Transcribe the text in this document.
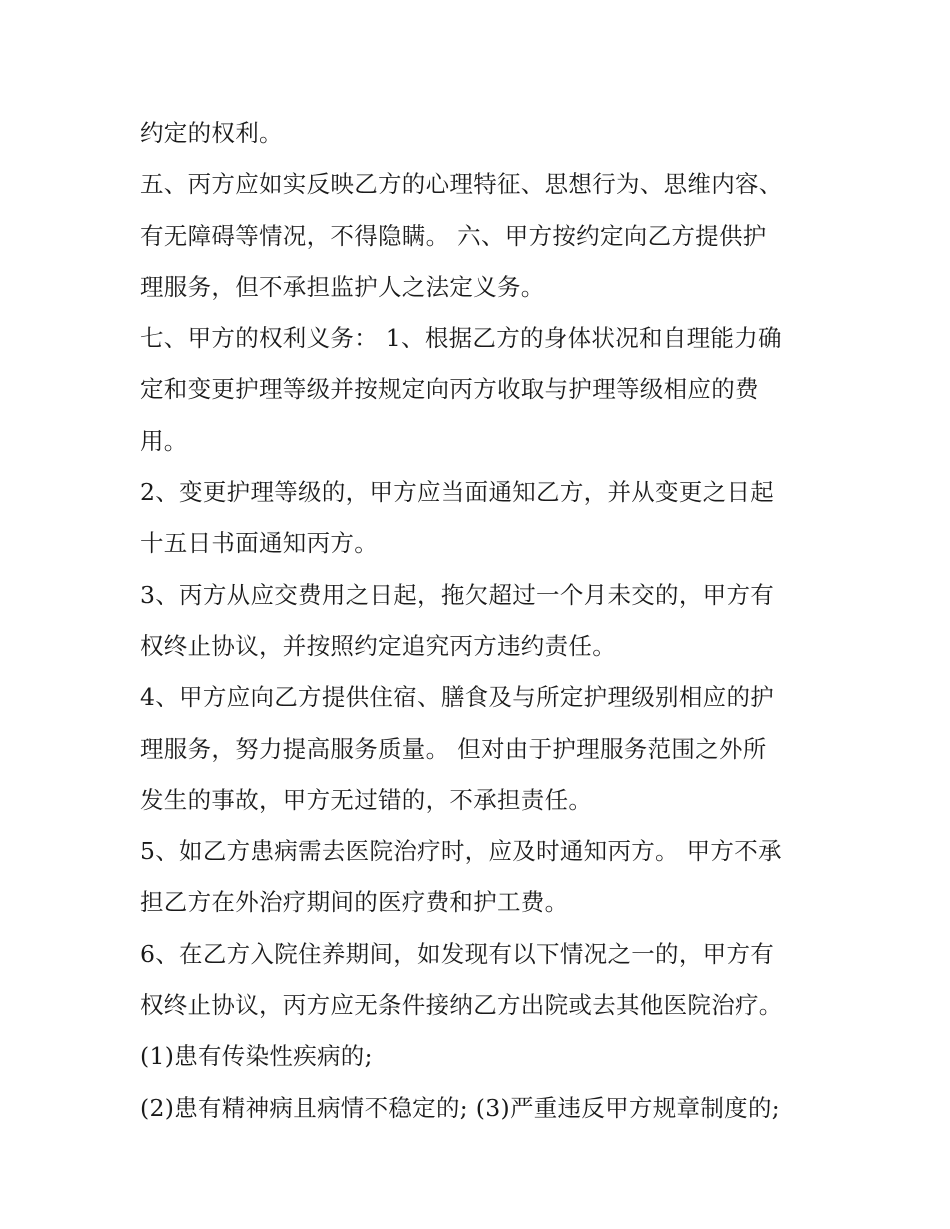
约定的权利。
五、丙方应如实反映乙方的心理特征、思想行为、思维内容、
有无障碍等情况，不得隐瞒。 六、甲方按约定向乙方提供护
理服务，但不承担监护人之法定义务。
七、甲方的权利义务： 1、根据乙方的身体状况和自理能力确
定和变更护理等级并按规定向丙方收取与护理等级相应的费
用。
2、变更护理等级的，甲方应当面通知乙方，并从变更之日起
十五日书面通知丙方。
3、丙方从应交费用之日起，拖欠超过一个月未交的，甲方有
权终止协议，并按照约定追究丙方违约责任。
4、甲方应向乙方提供住宿、膳食及与所定护理级别相应的护
理服务，努力提高服务质量。 但对由于护理服务范围之外所
发生的事故，甲方无过错的，不承担责任。
5、如乙方患病需去医院治疗时，应及时通知丙方。 甲方不承
担乙方在外治疗期间的医疗费和护工费。
6、在乙方入院住养期间，如发现有以下情况之一的，甲方有
权终止协议，丙方应无条件接纳乙方出院或去其他医院治疗。
(1)患有传染性疾病的;
(2)患有精神病且病情不稳定的; (3)严重违反甲方规章制度的;
